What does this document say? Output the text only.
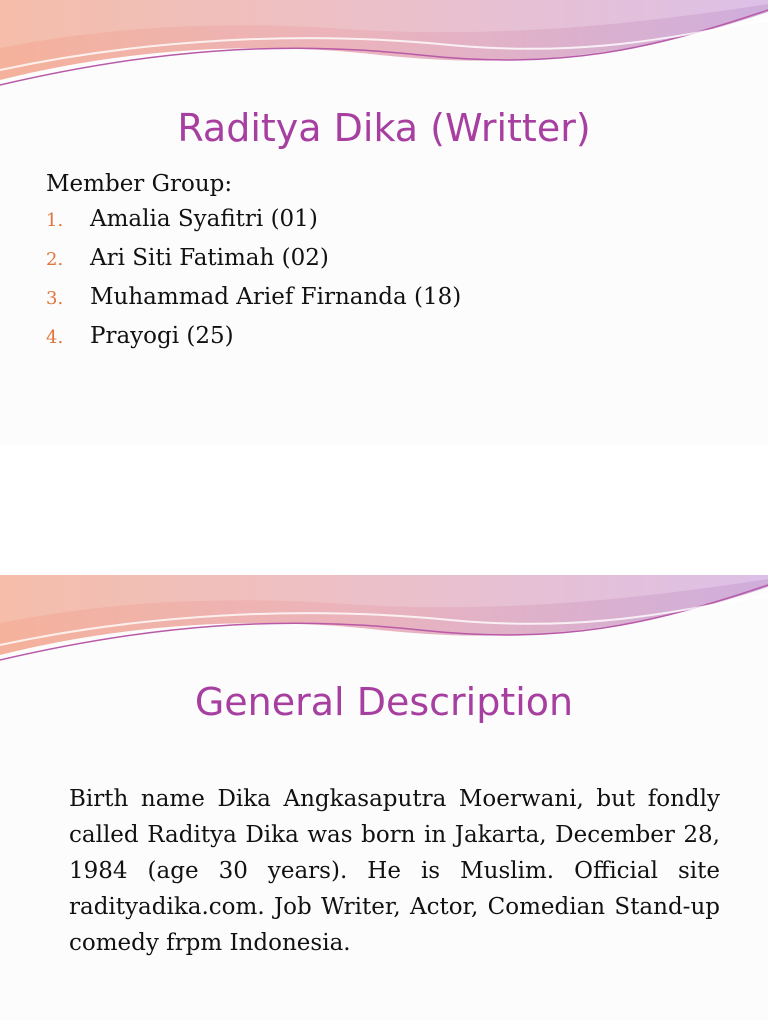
Raditya Dika (Writter)

Member Group:

1.	Amalia Syafitri (01)
2.	Ari Siti Fatimah (02)
3.	Muhammad Arief Firnanda (18)
4.	Prayogi (25)
General Description

Birth name Dika Angkasaputra Moerwani, but fondly called Raditya Dika was born in Jakarta, December 28, 1984 (age 30 years). He is Muslim. Official site radityadika.com. Job Writer, Actor, Comedian Stand-up comedy frpm Indonesia.
